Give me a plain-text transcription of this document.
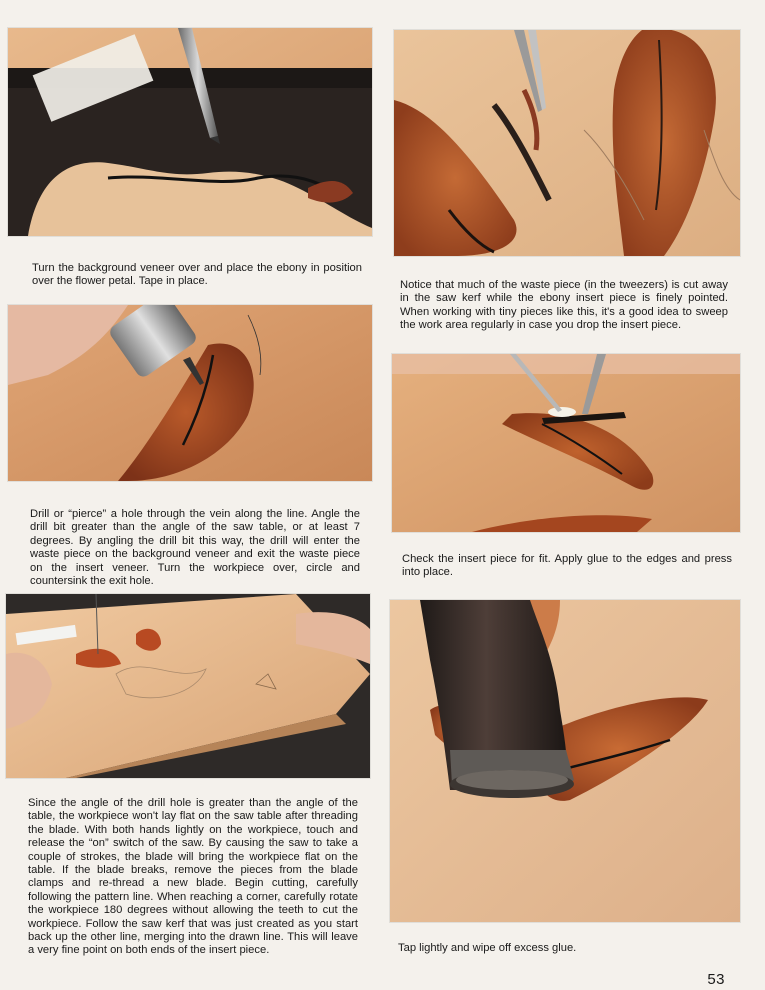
Turn the background veneer over and place the ebony in position over the flower petal. Tape in place.	Notice that much of the waste piece (in the tweezers) is cut away in the saw kerf while the ebony insert piece is finely pointed. When working with tiny pieces like this, it's a good idea to sweep the work area regularly in case you drop the insert piece.
Drill or “pierce” a hole through the vein along the line. Angle the drill bit greater than the angle of the saw table, or at least 7 degrees. By angling the drill bit this way, the drill will enter the waste piece on the background veneer and exit the waste piece on the insert veneer. Turn the workpiece over, circle and countersink the exit hole.
Check the insert piece for fit. Apply glue to the edges and press into place.
Since the angle of the drill hole is greater than the angle of the table, the workpiece won't lay flat on the saw table after threading the blade. With both hands lightly on the workpiece, touch and release the “on” switch of the saw. By causing the saw to take a couple of strokes, the blade will bring the workpiece flat on the table. If the blade breaks, remove the pieces from the blade clamps and re-thread a new blade. Begin cutting, carefully following the pattern line. When reaching a corner, carefully rotate the workpiece 180 degrees without allowing the teeth to cut the workpiece. Follow the saw kerf that was just created as you start back up the other line, merging into the drawn line. This will leave a very fine point on both ends of the insert piece.	Tap lightly and wipe off excess glue.
53
